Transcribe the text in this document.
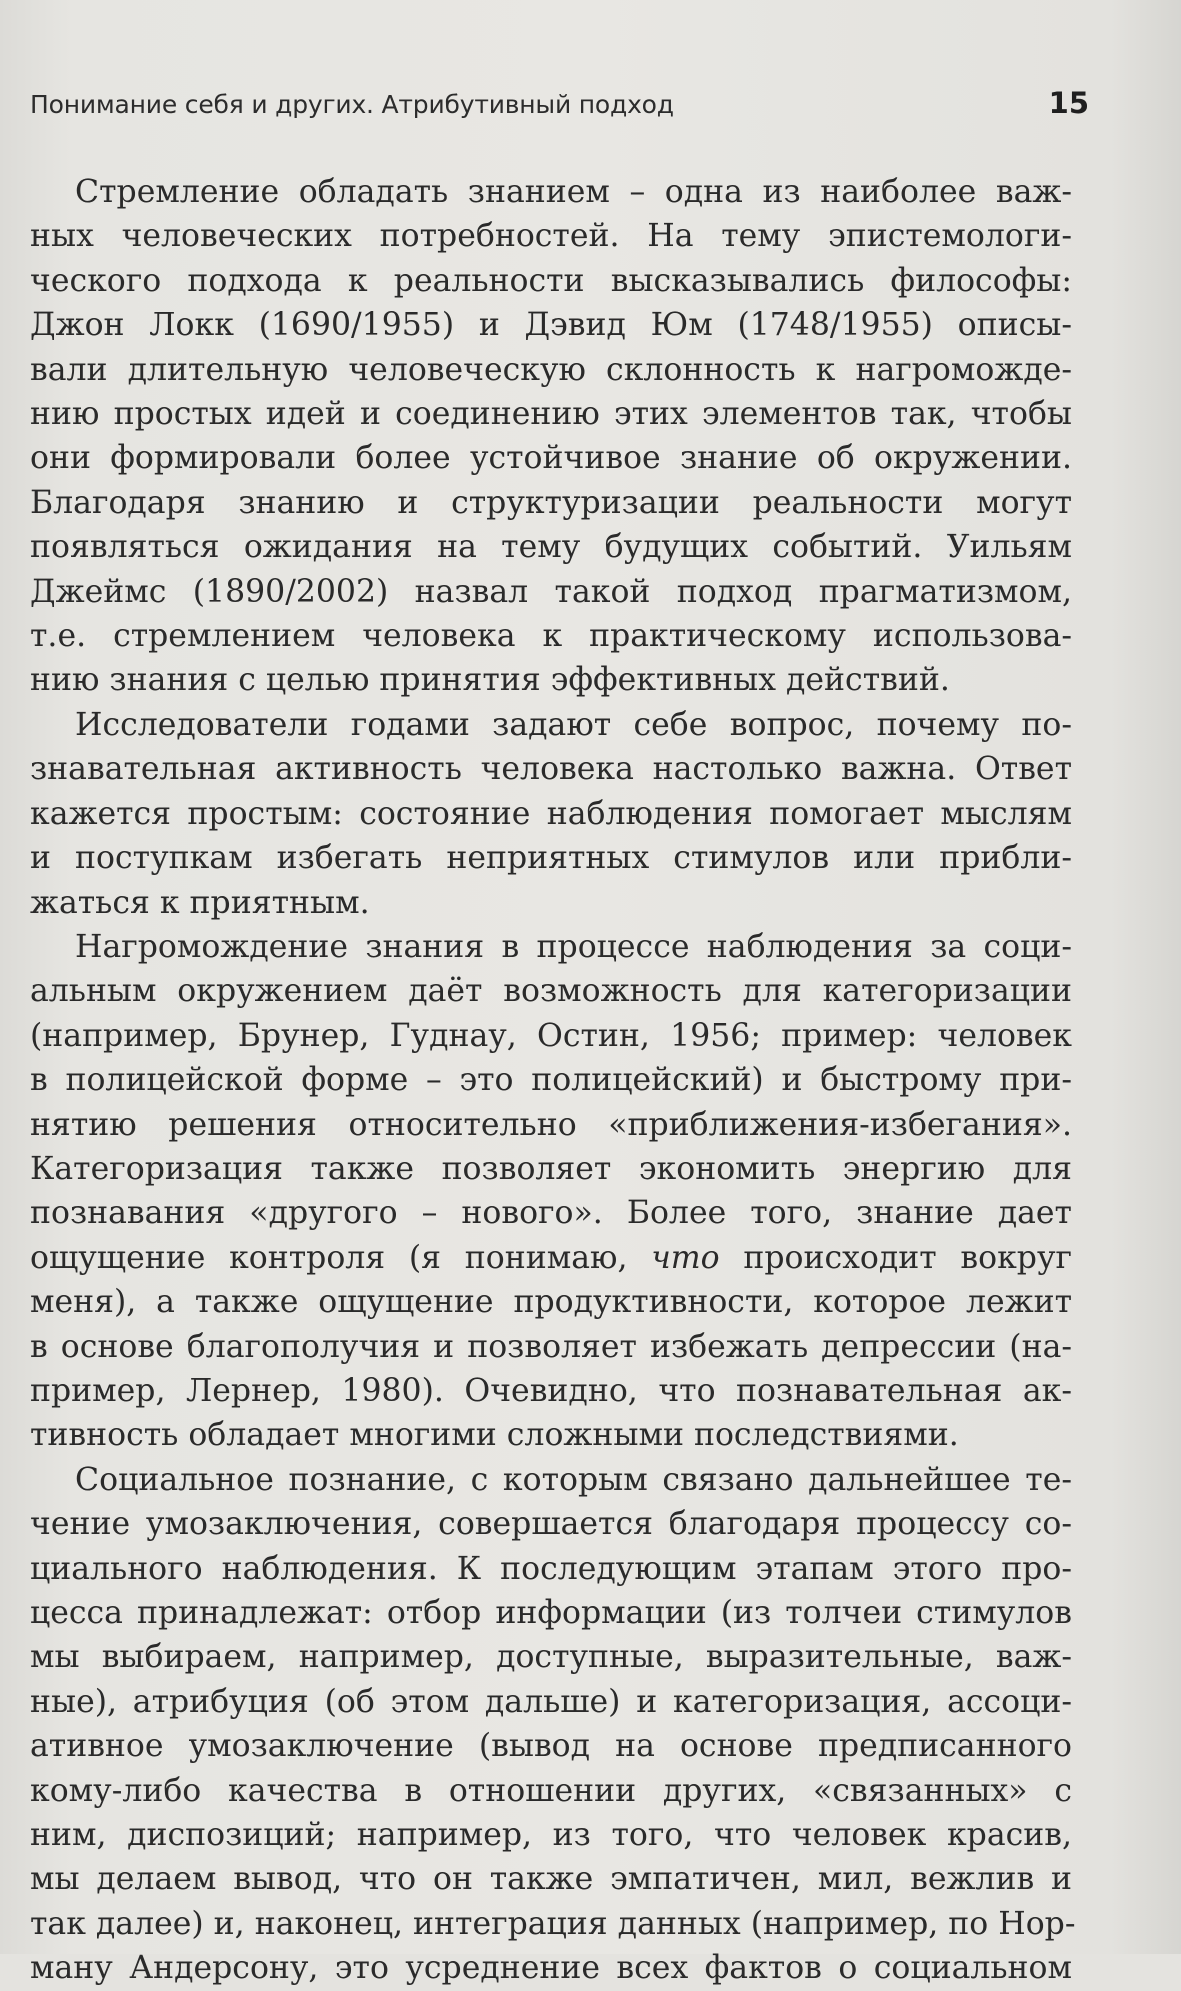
Понимание себя и других. Атрибутивный подход	15
Стремление обладать знанием – одна из наиболее важ-
ных человеческих потребностей. На тему эпистемологи-
ческого подхода к реальности высказывались философы:
Джон Локк (1690/1955) и Дэвид Юм (1748/1955) описы-
вали длительную человеческую склонность к нагроможде-
нию простых идей и соединению этих элементов так, чтобы
они формировали более устойчивое знание об окружении.
Благодаря знанию и структуризации реальности могут
появляться ожидания на тему будущих событий. Уильям
Джеймс (1890/2002) назвал такой подход прагматизмом,
т.е. стремлением человека к практическому использова-
нию знания с целью принятия эффективных действий.
Исследователи годами задают себе вопрос, почему по-
знавательная активность человека настолько важна. Ответ
кажется простым: состояние наблюдения помогает мыслям
и поступкам избегать неприятных стимулов или прибли-
жаться к приятным.
Нагромождение знания в процессе наблюдения за соци-
альным окружением даёт возможность для категоризации
(например, Брунер, Гуднау, Остин, 1956; пример: человек
в полицейской форме – это полицейский) и быстрому при-
нятию решения относительно «приближения-избегания».
Категоризация также позволяет экономить энергию для
познавания «другого – нового». Более того, знание дает
ощущение контроля (я понимаю, что происходит вокруг
меня), а также ощущение продуктивности, которое лежит
в основе благополучия и позволяет избежать депрессии (на-
пример, Лернер, 1980). Очевидно, что познавательная ак-
тивность обладает многими сложными последствиями.
Социальное познание, с которым связано дальнейшее те-
чение умозаключения, совершается благодаря процессу со-
циального наблюдения. К последующим этапам этого про-
цесса принадлежат: отбор информации (из толчеи стимулов
мы выбираем, например, доступные, выразительные, важ-
ные), атрибуция (об этом дальше) и категоризация, ассоци-
ативное умозаключение (вывод на основе предписанного
кому-либо качества в отношении других, «связанных» с
ним, диспозиций; например, из того, что человек красив,
мы делаем вывод, что он также эмпатичен, мил, вежлив и
так далее) и, наконец, интеграция данных (например, по Нор-
ману Андерсону, это усреднение всех фактов о социальном
